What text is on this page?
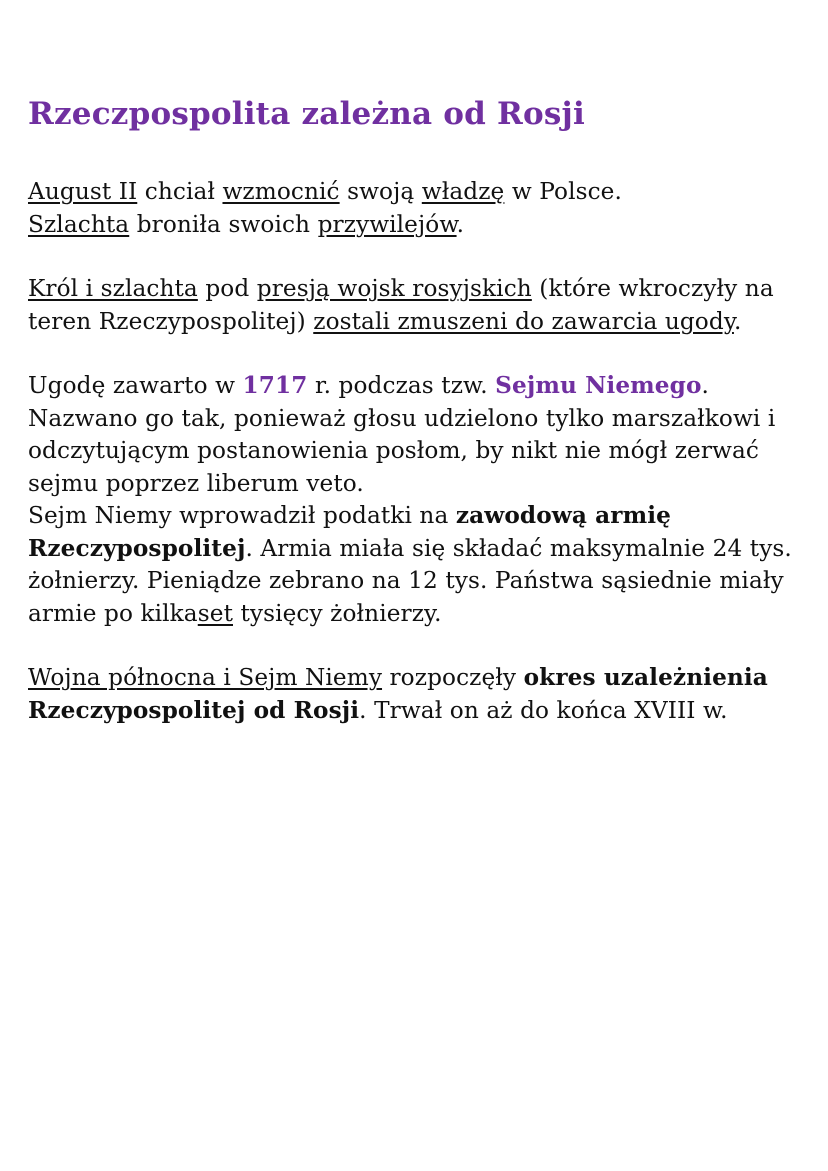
Rzeczpospolita zależna od Rosji

August II chciał wzmocnić swoją władzę w Polsce.
Szlachta broniła swoich przywilejów.

Król i szlachta pod presją wojsk rosyjskich (które wkroczyły na teren Rzeczypospolitej) zostali zmuszeni do zawarcia ugody.

Ugodę zawarto w 1717 r. podczas tzw. Sejmu Niemego.
Nazwano go tak, ponieważ głosu udzielono tylko marszałkowi i odczytującym postanowienia posłom, by nikt nie mógł zerwać sejmu poprzez liberum veto.
Sejm Niemy wprowadził podatki na zawodową armię Rzeczypospolitej. Armia miała się składać maksymalnie 24 tys. żołnierzy. Pieniądze zebrano na 12 tys. Państwa sąsiednie miały armie po kilkaset tysięcy żołnierzy.

Wojna północna i Sejm Niemy rozpoczęły okres uzależnienia Rzeczypospolitej od Rosji. Trwał on aż do końca XVIII w.
